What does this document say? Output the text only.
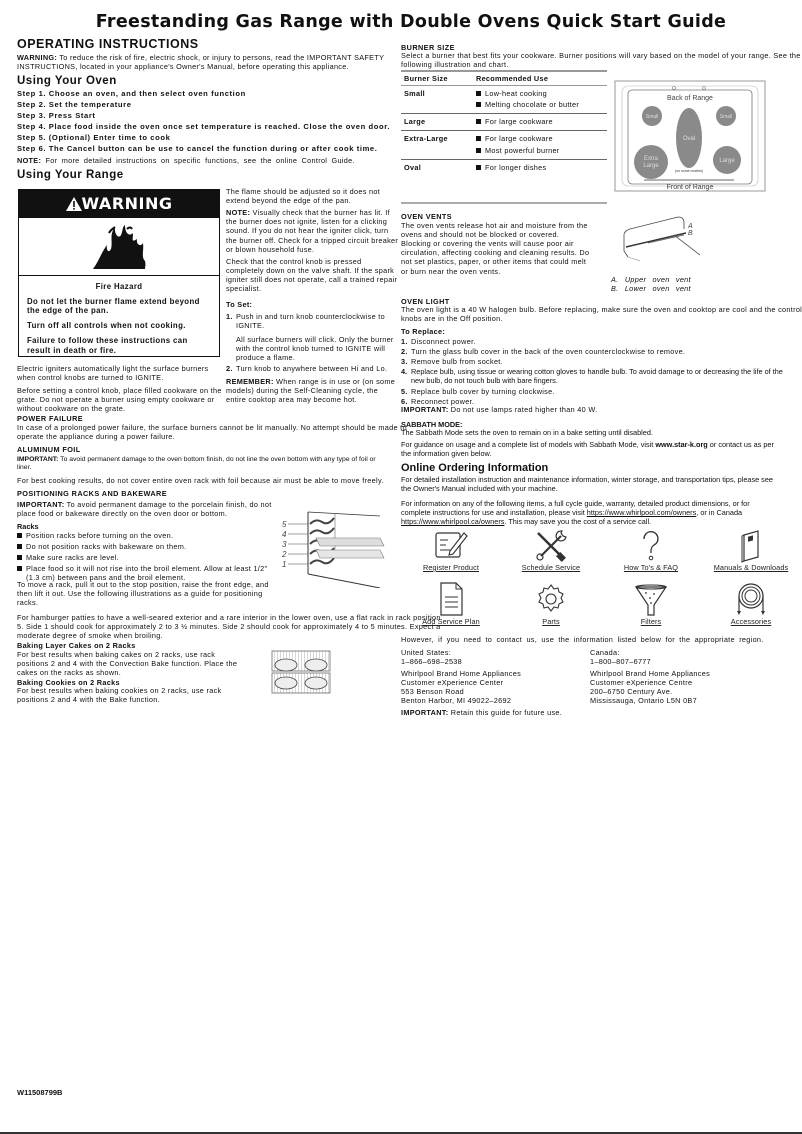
Freestanding Gas Range with Double Ovens Quick Start Guide
OPERATING INSTRUCTIONS
WARNING: To reduce the risk of fire, electric shock, or injury to persons, read the IMPORTANT SAFETY INSTRUCTIONS, located in your appliance's Owner's Manual, before operating this appliance.
Using Your Oven
Step 1. Choose an oven, and then select oven function
Step 2. Set the temperature
Step 3. Press Start
Step 4. Place food inside the oven once set temperature is reached. Close the oven door.
Step 5. (Optional) Enter time to cook
Step 6. The Cancel button can be use to cancel the function during or after cook time.
NOTE: For more detailed instructions on specific functions, see the online Control Guide.
Using Your Range
WARNING
Fire Hazard
Do not let the burner flame extend beyond the edge of the pan.
Turn off all controls when not cooking.
Failure to follow these instructions can result in death or fire.
The flame should be adjusted so it does not extend beyond the edge of the pan.
NOTE: Visually check that the burner has lit. If the burner does not ignite, listen for a clicking sound. If you do not hear the igniter click, turn the burner off. Check for a tripped circuit breaker or blown household fuse.
Check that the control knob is pressed completely down on the valve shaft. If the spark igniter still does not operate, call a trained repair specialist.
To Set:
1. Push in and turn knob counterclockwise to IGNITE.
All surface burners will click. Only the burner with the control knob turned to IGNITE will produce a flame.
2. Turn knob to anywhere between Hi and Lo.
REMEMBER: When range is in use or (on some models) during the Self-Cleaning cycle, the entire cooktop area may become hot.
Electric igniters automatically light the surface burners when control knobs are turned to IGNITE.
Before setting a control knob, place filled cookware on the grate. Do not operate a burner using empty cookware or without cookware on the grate.
POWER FAILURE
In case of a prolonged power failure, the surface burners cannot be lit manually. No attempt should be made to operate the appliance during a power failure.
ALUMINUM FOIL
IMPORTANT: To avoid permanent damage to the oven bottom finish, do not line the oven bottom with any type of foil or liner.
For best cooking results, do not cover entire oven rack with foil because air must be able to move freely.
POSITIONING RACKS AND BAKEWARE
IMPORTANT: To avoid permanent damage to the porcelain finish, do not place food or bakeware directly on the oven door or bottom.
Racks
Position racks before turning on the oven.
Do not position racks with bakeware on them.
Make sure racks are level.
Place food so it will not rise into the broil element. Allow at least 1/2" (1.3 cm) between pans and the broil element.
To move a rack, pull it out to the stop position, raise the front edge, and then lift it out. Use the following illustrations as a guide for positioning racks.
5
4
3
2
1
For hamburger patties to have a well-seared exterior and a rare interior in the lower oven, use a flat rack in rack position 5. Side 1 should cook for approximately 2 to 3 ½ minutes. Side 2 should cook for approximately 4 to 5 minutes. Expect a moderate degree of smoke when broiling.
Baking Layer Cakes on 2 Racks
For best results when baking cakes on 2 racks, use rack positions 2 and 4 with the Convection Bake function. Place the cakes on the racks as shown.
Baking Cookies on 2 Racks
For best results when baking cookies on 2 racks, use rack positions 2 and 4 with the Bake function.
BURNER SIZE
Select a burner that best fits your cookware. Burner positions will vary based on the model of your range. See the following illustration and chart.
Burner Size	Recommended Use
Small	Low-heat cooking
Melting chocolate or butter

Large	For large cookware

Extra-Large	For large cookware
Most powerful burner

Oval	For longer dishes
Back of Range
Small	Small
Oval
(on some models)
Extra
Large
Large
Front of Range
OVEN VENTS
The oven vents release hot air and moisture from the ovens and should not be blocked or covered. Blocking or covering the vents will cause poor air circulation, affecting cooking and cleaning results. Do not set plastics, paper, or other items that could melt or burn near the oven vents.
A
B
A. Upper oven vent
B. Lower oven vent
OVEN LIGHT
The oven light is a 40 W halogen bulb. Before replacing, make sure the oven and cooktop are cool and the control knobs are in the Off position.
To Replace:
1. Disconnect power.
2. Turn the glass bulb cover in the back of the oven counterclockwise to remove.
3. Remove bulb from socket.
4. Replace bulb, using tissue or wearing cotton gloves to handle bulb. To avoid damage to or decreasing the life of the new bulb, do not touch bulb with bare fingers.
5. Replace bulb cover by turning clockwise.
6. Reconnect power.
IMPORTANT: Do not use lamps rated higher than 40 W.
SABBATH MODE:
The Sabbath Mode sets the oven to remain on in a bake setting until disabled.
For guidance on usage and a complete list of models with Sabbath Mode, visit www.star-k.org or contact us as per the information given below.
Online Ordering Information
For detailed installation instruction and maintenance information, winter storage, and transportation tips, please see the Owner's Manual included with your machine.
For information on any of the following items, a full cycle guide, warranty, detailed product dimensions, or for complete instructions for use and installation, please visit https://www.whirlpool.com/owners, or in Canada https://www.whirlpool.ca/owners. This may save you the cost of a service call.
Register Product	Schedule Service	How To's & FAQ	Manuals & Downloads
Add Service Plan	Parts	Filters	Accessories
However, if you need to contact us, use the information listed below for the appropriate region.
United States:
1–866–698–2538
Whirlpool Brand Home Appliances
Customer eXperience Center
553 Benson Road
Benton Harbor, MI 49022–2692
Canada:
1–800–807–6777
Whirlpool Brand Home Appliances
Customer eXperience Centre
200–6750 Century Ave.
Mississauga, Ontario L5N 0B7
IMPORTANT: Retain this guide for future use.
W11508799B
